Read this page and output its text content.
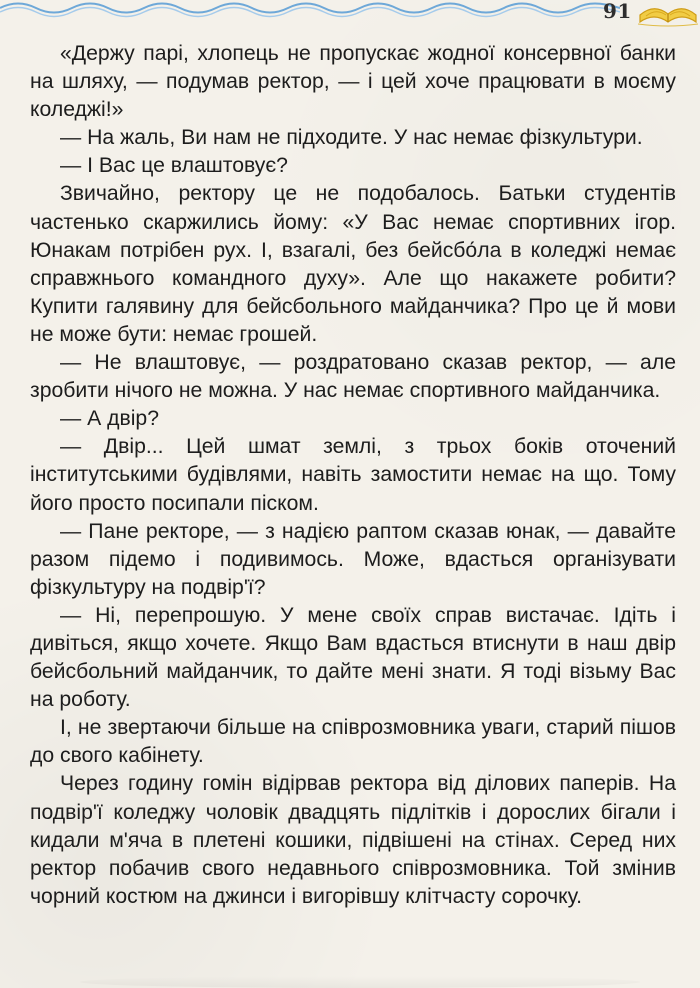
91

«Держу парі, хлопець не пропускає жодної консервної банки на шляху, — подумав ректор, — і цей хоче працювати в моєму коледжі!»

— На жаль, Ви нам не підходите. У нас немає фізкультури.

— І Вас це влаштовує?

Звичайно, ректору це не подобалось. Батьки студентів частенько скаржились йому: «У Вас немає спортивних ігор. Юнакам потрібен рух. І, взагалі, без бейсбо́ла в коледжі немає справжнього командного духу». Але що накажете робити? Купити галявину для бейсбольного майданчика? Про це й мови не може бути: немає грошей.

— Не влаштовує, — роздратовано сказав ректор, — але зробити нічого не можна. У нас немає спортивного майданчика.

— А двір?

— Двір... Цей шмат землі, з трьох боків оточений інститутськими будівлями, навіть замостити немає на що. Тому його просто посипали піском.

— Пане ректоре, — з надією раптом сказав юнак, — давайте разом підемо і подивимось. Може, вдасться організувати фізкультуру на подвір'ї?

— Ні, перепрошую. У мене своїх справ вистачає. Ідіть і дивіться, якщо хочете. Якщо Вам вдасться втиснути в наш двір бейсбольний майданчик, то дайте мені знати. Я тоді візьму Вас на роботу.

І, не звертаючи більше на співрозмовника уваги, старий пішов до свого кабінету.

Через годину гомін відірвав ректора від ділових паперів. На подвір'ї коледжу чоловік двадцять підлітків і дорослих бігали і кидали м'яча в плетені кошики, підвішені на стінах. Серед них ректор побачив свого недавнього співрозмовника. Той змінив чорний костюм на джинси і вигорівшу клітчасту сорочку.
